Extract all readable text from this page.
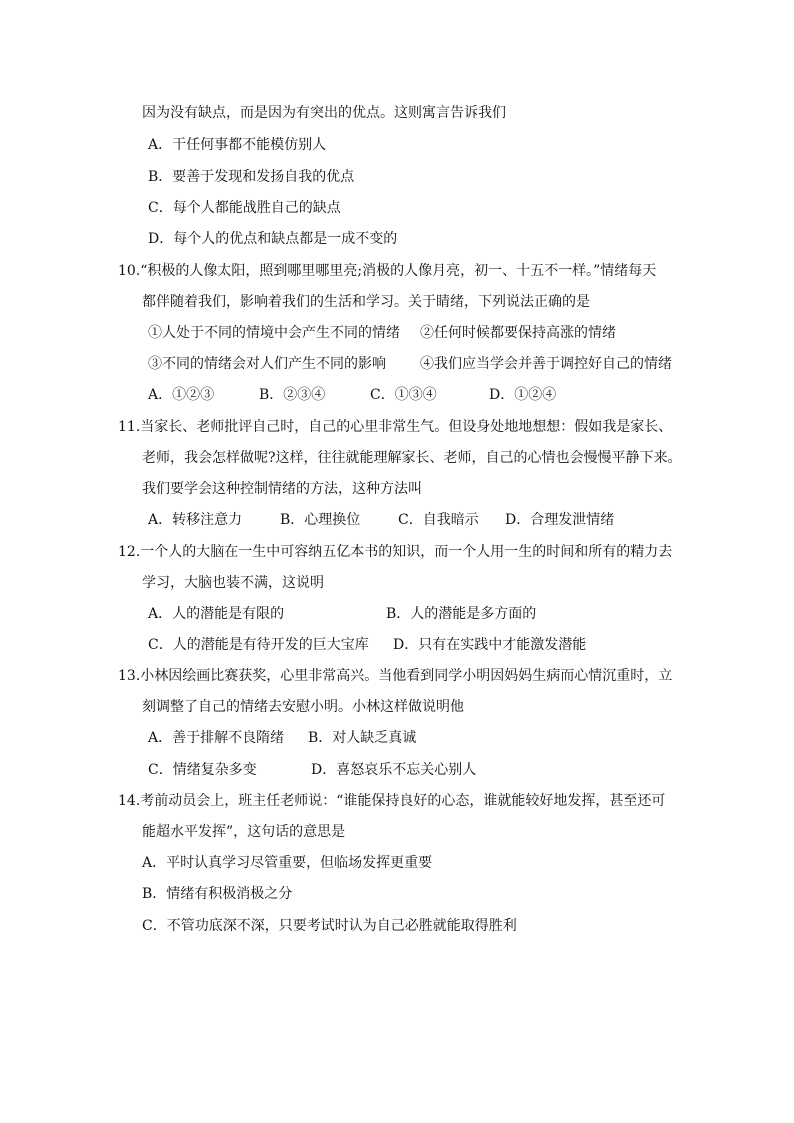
因为没有缺点，而是因为有突出的优点。这则寓言告诉我们
A．干任何事都不能模仿别人
B．要善于发现和发扬自我的优点
C．每个人都能战胜自己的缺点
D．每个人的优点和缺点都是一成不变的
10.“积极的人像太阳，照到哪里哪里亮;消极的人像月亮，初一、十五不一样。”情绪每天
都伴随着我们，影响着我们的生活和学习。关于睛绪，下列说法正确的是
①人处于不同的情境中会产生不同的情绪 ②任何时候都要保持高涨的情绪
③不同的情绪会对人们产生不同的影响 ④我们应当学会并善于调控好自己的情绪
A．①②③	B．②③④	C．①③④	D．①②④
11.当家长、老师批评自己时，自己的心里非常生气。但设身处地地想想：假如我是家长、
老师，我会怎样做呢?这样，往往就能理解家长、老师，自己的心情也会慢慢平静下来。
我们要学会这种控制情绪的方法，这种方法叫
A．转移注意力	B．心理换位	C．自我暗示 D．合理发泄情绪
12.一个人的大脑在一生中可容纳五亿本书的知识，而一个人用一生的时间和所有的精力去
学习，大脑也装不满，这说明
A．人的潜能是有限的	B．人的潜能是多方面的
C．人的潜能是有待开发的巨大宝库 D．只有在实践中才能激发潜能
13.小林因绘画比赛获奖，心里非常高兴。当他看到同学小明因妈妈生病而心情沉重时，立
刻调整了自己的情绪去安慰小明。小林这样做说明他
A．善于排解不良隋绪 B．对人缺乏真诚
C．情绪复杂多变	D．喜怒哀乐不忘关心别人
14.考前动员会上，班主任老师说：“谁能保持良好的心态，谁就能较好地发挥，甚至还可
能超水平发挥”，这句话的意思是
A．平时认真学习尽管重要，但临场发挥更重要
B．情绪有积极消极之分
C．不管功底深不深，只要考试时认为自己必胜就能取得胜利
